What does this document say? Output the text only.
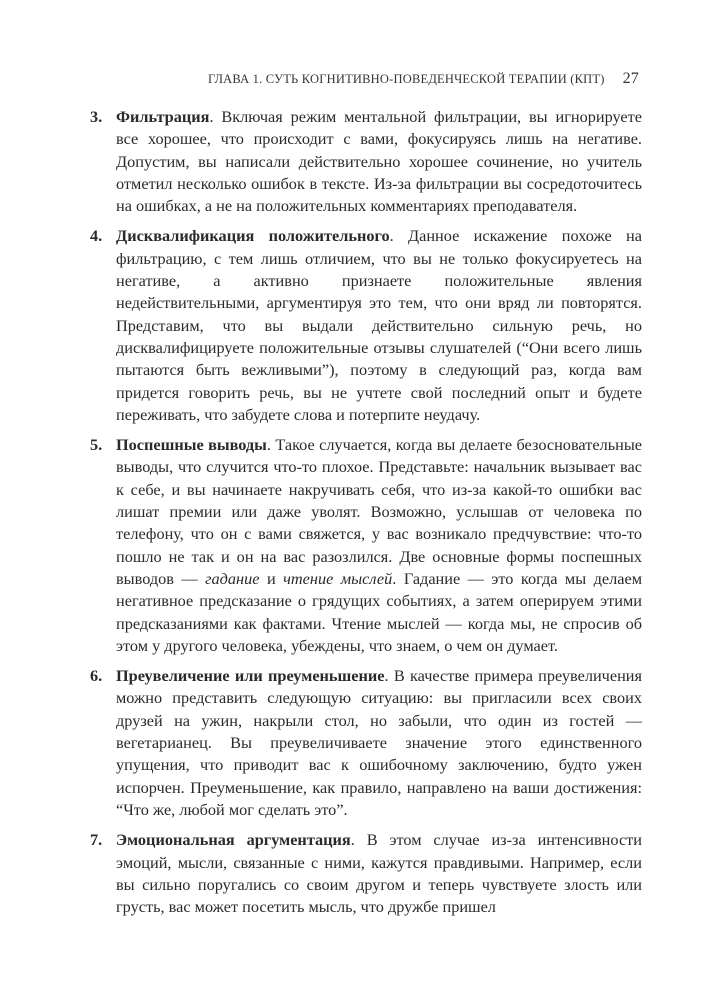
ГЛАВА 1. СУТЬ КОГНИТИВНО-ПОВЕДЕНЧЕСКОЙ ТЕРАПИИ (КПТ) 27
3. Фильтрация. Включая режим ментальной фильтрации, вы игнорируете все хорошее, что происходит с вами, фокусируясь лишь на негативе. Допустим, вы написали действительно хорошее сочинение, но учитель отметил несколько ошибок в тексте. Из-за фильтрации вы сосредоточитесь на ошибках, а не на положительных комментариях преподавателя.
4. Дисквалификация положительного. Данное искажение похоже на фильтрацию, с тем лишь отличием, что вы не только фокусируетесь на негативе, а активно признаете положительные явления недействительными, аргументируя это тем, что они вряд ли повторятся. Представим, что вы выдали действительно сильную речь, но дисквалифицируете положительные отзывы слушателей (“Они всего лишь пытаются быть вежливыми”), поэтому в следующий раз, когда вам придется говорить речь, вы не учтете свой последний опыт и будете переживать, что забудете слова и потерпите неудачу.
5. Поспешные выводы. Такое случается, когда вы делаете безосновательные выводы, что случится что-то плохое. Представьте: начальник вызывает вас к себе, и вы начинаете накручивать себя, что из-за какой-то ошибки вас лишат премии или даже уволят. Возможно, услышав от человека по телефону, что он с вами свяжется, у вас возникало предчувствие: что-то пошло не так и он на вас разозлился. Две основные формы поспешных выводов — гадание и чтение мыслей. Гадание — это когда мы делаем негативное предсказание о грядущих событиях, а затем оперируем этими предсказаниями как фактами. Чтение мыслей — когда мы, не спросив об этом у другого человека, убеждены, что знаем, о чем он думает.
6. Преувеличение или преуменьшение. В качестве примера преувеличения можно представить следующую ситуацию: вы пригласили всех своих друзей на ужин, накрыли стол, но забыли, что один из гостей — вегетарианец. Вы преувеличиваете значение этого единственного упущения, что приводит вас к ошибочному заключению, будто ужен испорчен. Преуменьшение, как правило, направлено на ваши достижения: “Что же, любой мог сделать это”.
7. Эмоциональная аргументация. В этом случае из-за интенсивности эмоций, мысли, связанные с ними, кажутся правдивыми. Например, если вы сильно поругались со своим другом и теперь чувствуете злость или грусть, вас может посетить мысль, что дружбе пришел
